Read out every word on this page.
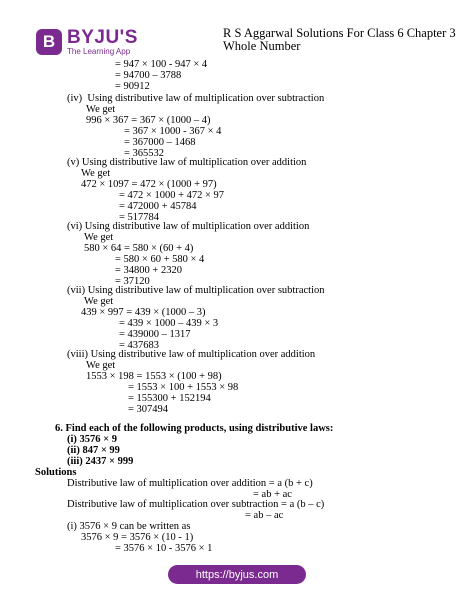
B BYJU'S
The Learning App
R S Aggarwal Solutions For Class 6 Chapter 3
Whole Number
= 947 × 100 - 947 × 4
= 94700 – 3788
= 90912
(iv)  Using distributive law of multiplication over subtraction
We get
996 × 367 = 367 × (1000 – 4)
= 367 × 1000 - 367 × 4
= 367000 – 1468
= 365532
(v) Using distributive law of multiplication over addition
We get
472 × 1097 = 472 × (1000 + 97)
= 472 × 1000 + 472 × 97
= 472000 + 45784
= 517784
(vi) Using distributive law of multiplication over addition
We get
580 × 64 = 580 × (60 + 4)
= 580 × 60 + 580 × 4
= 34800 + 2320
= 37120
(vii) Using distributive law of multiplication over subtraction
We get
439 × 997 = 439 × (1000 – 3)
= 439 × 1000 – 439 × 3
= 439000 – 1317
= 437683
(viii) Using distributive law of multiplication over addition
We get
1553 × 198 = 1553 × (100 + 98)
= 1553 × 100 + 1553 × 98
= 155300 + 152194
= 307494
6. Find each of the following products, using distributive laws:
(i) 3576 × 9
(ii) 847 × 99
(iii) 2437 × 999
Solutions
Distributive law of multiplication over addition = a (b + c)
= ab + ac
Distributive law of multiplication over subtraction = a (b – c)
= ab – ac
(i) 3576 × 9 can be written as
3576 × 9 = 3576 × (10 - 1)
= 3576 × 10 - 3576 × 1
https://byjus.com
